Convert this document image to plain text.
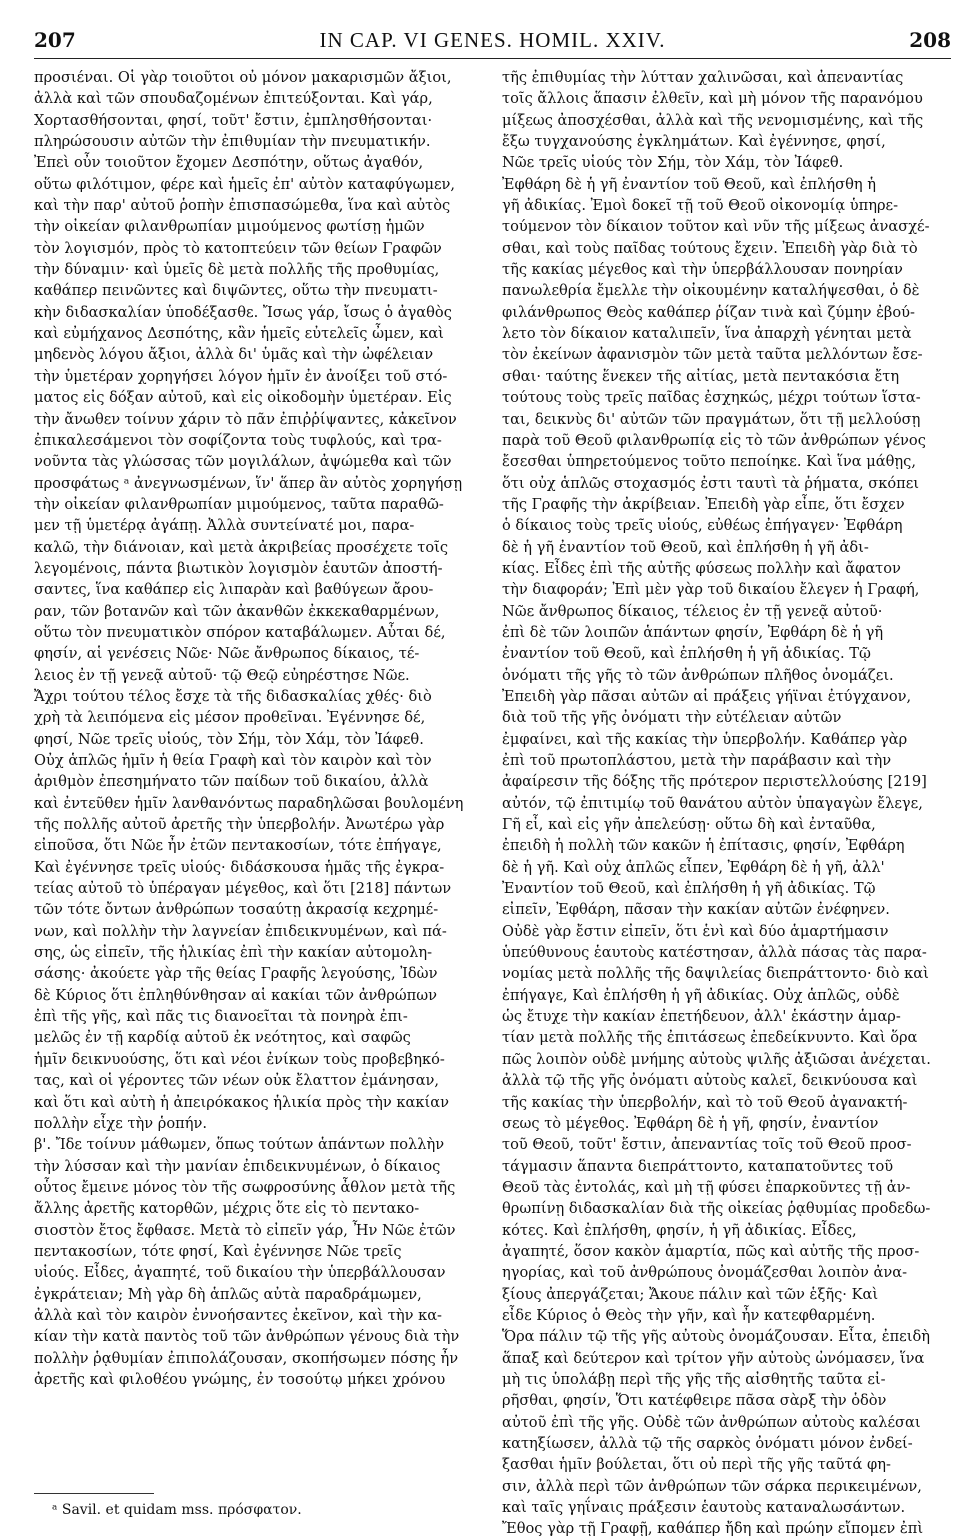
207	IN CAP. VI GENES. HOMIL. XXIV.	208
προσιέναι. Οἱ γὰρ τοιοῦτοι οὐ μόνον μακαρισμῶν ἄξιοι,
ἀλλὰ καὶ τῶν σπουδαζομένων ἐπιτεύξονται. Καὶ γάρ,
Χορτασθήσονται, φησί, τοῦτ' ἔστιν, ἐμπλησθήσονται·
πληρώσουσιν αὐτῶν τὴν ἐπιθυμίαν τὴν πνευματικήν.
Ἐπεὶ οὖν τοιοῦτον ἔχομεν Δεσπότην, οὕτως ἀγαθόν,
οὕτω φιλότιμον, φέρε καὶ ἡμεῖς ἐπ' αὐτὸν καταφύγωμεν,
καὶ τὴν παρ' αὐτοῦ ῥοπὴν ἐπισπασώμεθα, ἵνα καὶ αὐτὸς
τὴν οἰκείαν φιλανθρωπίαν μιμούμενος φωτίσῃ ἡμῶν
τὸν λογισμόν, πρὸς τὸ κατοπτεύειν τῶν θείων Γραφῶν
τὴν δύναμιν· καὶ ὑμεῖς δὲ μετὰ πολλῆς τῆς προθυμίας,
καθάπερ πεινῶντες καὶ διψῶντες, οὕτω τὴν πνευματι-
κὴν διδασκαλίαν ὑποδέξασθε. Ἴσως γάρ, ἴσως ὁ ἀγαθὸς
καὶ εὐμήχανος Δεσπότης, κἂν ἡμεῖς εὐτελεῖς ὦμεν, καὶ
μηδενὸς λόγου ἄξιοι, ἀλλὰ δι' ὑμᾶς καὶ τὴν ὠφέλειαν
τὴν ὑμετέραν χορηγήσει λόγον ἡμῖν ἐν ἀνοίξει τοῦ στό-
ματος εἰς δόξαν αὐτοῦ, καὶ εἰς οἰκοδομὴν ὑμετέραν. Εἰς
τὴν ἄνωθεν τοίνυν χάριν τὸ πᾶν ἐπιῤῥίψαντες, κἀκεῖνον
ἐπικαλεσάμενοι τὸν σοφίζοντα τοὺς τυφλούς, καὶ τρα-
νοῦντα τὰς γλώσσας τῶν μογιλάλων, ἀψώμεθα καὶ τῶν
προσφάτως ᵃ ἀνεγνωσμένων, ἵν' ἅπερ ἂν αὐτὸς χορηγήσῃ
τὴν οἰκείαν φιλανθρωπίαν μιμούμενος, ταῦτα παραθῶ-
μεν τῇ ὑμετέρᾳ ἀγάπῃ. Ἀλλὰ συντείνατέ μοι, παρα-
καλῶ, τὴν διάνοιαν, καὶ μετὰ ἀκριβείας προσέχετε τοῖς
λεγομένοις, πάντα βιωτικὸν λογισμὸν ἑαυτῶν ἀποστή-
σαντες, ἵνα καθάπερ εἰς λιπαρὰν καὶ βαθύγεων ἄρου-
ραν, τῶν βοτανῶν καὶ τῶν ἀκανθῶν ἐκκεκαθαρμένων,
οὕτω τὸν πνευματικὸν σπόρον καταβάλωμεν. Αὗται δέ,
φησίν, αἱ γενέσεις Νῶε· Νῶε ἄνθρωπος δίκαιος, τέ-
λειος ἐν τῇ γενεᾷ αὐτοῦ· τῷ Θεῷ εὐηρέστησε Νῶε.
Ἄχρι τούτου τέλος ἔσχε τὰ τῆς διδασκαλίας χθές· διὸ
χρὴ τὰ λειπόμενα εἰς μέσον προθεῖναι. Ἐγέννησε δέ,
φησί, Νῶε τρεῖς υἱούς, τὸν Σήμ, τὸν Χάμ, τὸν Ἰάφεθ.
Οὐχ ἁπλῶς ἡμῖν ἡ θεία Γραφὴ καὶ τὸν καιρὸν καὶ τὸν
ἀριθμὸν ἐπεσημήνατο τῶν παίδων τοῦ δικαίου, ἀλλὰ
καὶ ἐντεῦθεν ἡμῖν λανθανόντως παραδηλῶσαι βουλομένη
τῆς πολλῆς αὐτοῦ ἀρετῆς τὴν ὑπερβολήν. Ἀνωτέρω γὰρ
εἰποῦσα, ὅτι Νῶε ἦν ἐτῶν πεντακοσίων, τότε ἐπήγαγε,
Καὶ ἐγέννησε τρεῖς υἱούς· διδάσκουσα ἡμᾶς τῆς ἐγκρα-
τείας αὐτοῦ τὸ ὑπέραγαν μέγεθος, καὶ ὅτι [218] πάντων
τῶν τότε ὄντων ἀνθρώπων τοσαύτῃ ἀκρασίᾳ κεχρημέ-
νων, καὶ πολλὴν τὴν λαγνείαν ἐπιδεικνυμένων, καὶ πά-
σης, ὡς εἰπεῖν, τῆς ἡλικίας ἐπὶ τὴν κακίαν αὐτομολη-
σάσης· ἀκούετε γὰρ τῆς θείας Γραφῆς λεγούσης, Ἰδὼν
δὲ Κύριος ὅτι ἐπληθύνθησαν αἱ κακίαι τῶν ἀνθρώπων
ἐπὶ τῆς γῆς, καὶ πᾶς τις διανοεῖται τὰ πονηρὰ ἐπι-
μελῶς ἐν τῇ καρδίᾳ αὐτοῦ ἐκ νεότητος, καὶ σαφῶς
ἡμῖν δεικνυούσης, ὅτι καὶ νέοι ἐνίκων τοὺς προβεβηκό-
τας, καὶ οἱ γέροντες τῶν νέων οὐκ ἔλαττον ἐμάνησαν,
καὶ ὅτι καὶ αὐτὴ ἡ ἀπειρόκακος ἡλικία πρὸς τὴν κακίαν
πολλὴν εἶχε τὴν ῥοπήν.
β'. Ἴδε τοίνυν μάθωμεν, ὅπως τούτων ἁπάντων πολλὴν
τὴν λύσσαν καὶ τὴν μανίαν ἐπιδεικνυμένων, ὁ δίκαιος
οὗτος ἔμεινε μόνος τὸν τῆς σωφροσύνης ἆθλον μετὰ τῆς
ἄλλης ἀρετῆς κατορθῶν, μέχρις ὅτε εἰς τὸ πεντακο-
σιοστὸν ἔτος ἔφθασε. Μετὰ τὸ εἰπεῖν γάρ, Ἦν Νῶε ἐτῶν
πεντακοσίων, τότε φησί, Καὶ ἐγέννησε Νῶε τρεῖς
υἱούς. Εἶδες, ἀγαπητέ, τοῦ δικαίου τὴν ὑπερβάλλουσαν
ἐγκράτειαν; Μὴ γὰρ δὴ ἁπλῶς αὐτὰ παραδράμωμεν,
ἀλλὰ καὶ τὸν καιρὸν ἐννοήσαντες ἐκεῖνον, καὶ τὴν κα-
κίαν τὴν κατὰ παντὸς τοῦ τῶν ἀνθρώπων γένους διὰ τὴν
πολλὴν ῥᾳθυμίαν ἐπιπολάζουσαν, σκοπήσωμεν πόσης ἦν
ἀρετῆς καὶ φιλοθέου γνώμης, ἐν τοσούτῳ μήκει χρόνου
τῆς ἐπιθυμίας τὴν λύτταν χαλινῶσαι, καὶ ἀπεναντίας
τοῖς ἄλλοις ἅπασιν ἐλθεῖν, καὶ μὴ μόνον τῆς παρανόμου
μίξεως ἀποσχέσθαι, ἀλλὰ καὶ τῆς νενομισμένης, καὶ τῆς
ἔξω τυγχανούσης ἐγκλημάτων. Καὶ ἐγέννησε, φησί,
Νῶε τρεῖς υἱούς τὸν Σήμ, τὸν Χάμ, τὸν Ἰάφεθ.
Ἐφθάρη δὲ ἡ γῆ ἐναντίον τοῦ Θεοῦ, καὶ ἐπλήσθη ἡ
γῆ ἀδικίας. Ἐμοὶ δοκεῖ τῇ τοῦ Θεοῦ οἰκονομίᾳ ὑπηρε-
τούμενον τὸν δίκαιον τοῦτον καὶ νῦν τῆς μίξεως ἀνασχέ-
σθαι, καὶ τοὺς παῖδας τούτους ἔχειν. Ἐπειδὴ γὰρ διὰ τὸ
τῆς κακίας μέγεθος καὶ τὴν ὑπερβάλλουσαν πονηρίαν
πανωλεθρία ἔμελλε τὴν οἰκουμένην καταλήψεσθαι, ὁ δὲ
φιλάνθρωπος Θεὸς καθάπερ ῥίζαν τινὰ καὶ ζύμην ἐβού-
λετο τὸν δίκαιον καταλιπεῖν, ἵνα ἀπαρχὴ γένηται μετὰ
τὸν ἐκείνων ἀφανισμὸν τῶν μετὰ ταῦτα μελλόντων ἔσε-
σθαι· ταύτης ἕνεκεν τῆς αἰτίας, μετὰ πεντακόσια ἔτη
τούτους τοὺς τρεῖς παῖδας ἐσχηκώς, μέχρι τούτων ἵστα-
ται, δεικνὺς δι' αὐτῶν τῶν πραγμάτων, ὅτι τῇ μελλούσῃ
παρὰ τοῦ Θεοῦ φιλανθρωπίᾳ εἰς τὸ τῶν ἀνθρώπων γένος
ἔσεσθαι ὑπηρετούμενος τοῦτο πεποίηκε. Καὶ ἵνα μάθῃς,
ὅτι οὐχ ἁπλῶς στοχασμός ἐστι ταυτὶ τὰ ῥήματα, σκόπει
τῆς Γραφῆς τὴν ἀκρίβειαν. Ἐπειδὴ γὰρ εἶπε, ὅτι ἔσχεν
ὁ δίκαιος τοὺς τρεῖς υἱούς, εὐθέως ἐπήγαγεν· Ἐφθάρη
δὲ ἡ γῆ ἐναντίον τοῦ Θεοῦ, καὶ ἐπλήσθη ἡ γῆ ἀδι-
κίας. Εἶδες ἐπὶ τῆς αὐτῆς φύσεως πολλὴν καὶ ἄφατον
τὴν διαφοράν; Ἐπὶ μὲν γὰρ τοῦ δικαίου ἔλεγεν ἡ Γραφή,
Νῶε ἄνθρωπος δίκαιος, τέλειος ἐν τῇ γενεᾷ αὐτοῦ·
ἐπὶ δὲ τῶν λοιπῶν ἁπάντων φησίν, Ἐφθάρη δὲ ἡ γῆ
ἐναντίον τοῦ Θεοῦ, καὶ ἐπλήσθη ἡ γῆ ἀδικίας. Τῷ
ὀνόματι τῆς γῆς τὸ τῶν ἀνθρώπων πλῆθος ὀνομάζει.
Ἐπειδὴ γὰρ πᾶσαι αὐτῶν αἱ πράξεις γήϊναι ἐτύγχανον,
διὰ τοῦ τῆς γῆς ὀνόματι τὴν εὐτέλειαν αὐτῶν
ἐμφαίνει, καὶ τῆς κακίας τὴν ὑπερβολήν. Καθάπερ γὰρ
ἐπὶ τοῦ πρωτοπλάστου, μετὰ τὴν παράβασιν καὶ τὴν
ἀφαίρεσιν τῆς δόξης τῆς πρότερον περιστελλούσης [219]
αὐτόν, τῷ ἐπιτιμίῳ τοῦ θανάτου αὐτὸν ὑπαγαγὼν ἔλεγε,
Γῆ εἶ, καὶ εἰς γῆν ἀπελεύσῃ· οὕτω δὴ καὶ ἐνταῦθα,
ἐπειδὴ ἡ πολλὴ τῶν κακῶν ἡ ἐπίτασις, φησίν, Ἐφθάρη
δὲ ἡ γῆ. Καὶ οὐχ ἁπλῶς εἶπεν, Ἐφθάρη δὲ ἡ γῆ, ἀλλ'
Ἐναντίον τοῦ Θεοῦ, καὶ ἐπλήσθη ἡ γῆ ἀδικίας. Τῷ
εἰπεῖν, Ἐφθάρη, πᾶσαν τὴν κακίαν αὐτῶν ἐνέφηνεν.
Οὐδὲ γὰρ ἔστιν εἰπεῖν, ὅτι ἑνὶ καὶ δύο ἁμαρτήμασιν
ὑπεύθυνους ἑαυτοὺς κατέστησαν, ἀλλὰ πάσας τὰς παρα-
νομίας μετὰ πολλῆς τῆς δαψιλείας διεπράττοντο· διὸ καὶ
ἐπήγαγε, Καὶ ἐπλήσθη ἡ γῆ ἀδικίας. Οὐχ ἁπλῶς, οὐδὲ
ὡς ἔτυχε τὴν κακίαν ἐπετήδευον, ἀλλ' ἑκάστην ἁμαρ-
τίαν μετὰ πολλῆς τῆς ἐπιτάσεως ἐπεδείκνυντο. Καὶ ὅρα
πῶς λοιπὸν οὐδὲ μνήμης αὐτοὺς ψιλῆς ἀξιῶσαι ἀνέχεται.
ἀλλὰ τῷ τῆς γῆς ὀνόματι αὐτοὺς καλεῖ, δεικνύουσα καὶ
τῆς κακίας τὴν ὑπερβολήν, καὶ τὸ τοῦ Θεοῦ ἀγανακτή-
σεως τὸ μέγεθος. Ἐφθάρη δὲ ἡ γῆ, φησίν, ἐναντίον
τοῦ Θεοῦ, τοῦτ' ἔστιν, ἀπεναντίας τοῖς τοῦ Θεοῦ προσ-
τάγμασιν ἅπαντα διεπράττοντο, καταπατοῦντες τοῦ
Θεοῦ τὰς ἐντολάς, καὶ μὴ τῇ φύσει ἐπαρκοῦντες τῇ ἀν-
θρωπίνῃ διδασκαλίαν διὰ τῆς οἰκείας ῥᾳθυμίας προδεδω-
κότες. Καὶ ἐπλήσθη, φησίν, ἡ γῆ ἀδικίας. Εἶδες,
ἀγαπητέ, ὅσον κακὸν ἁμαρτία, πῶς καὶ αὐτῆς τῆς προσ-
ηγορίας, καὶ τοῦ ἀνθρώπους ὀνομάζεσθαι λοιπὸν ἀνα-
ξίους ἀπεργάζεται; Ἄκουε πάλιν καὶ τῶν ἑξῆς· Καὶ
εἶδε Κύριος ὁ Θεὸς τὴν γῆν, καὶ ἦν κατεφθαρμένη.
Ὅρα πάλιν τῷ τῆς γῆς αὐτοὺς ὀνομάζουσαν. Εἶτα, ἐπειδὴ
ἅπαξ καὶ δεύτερον καὶ τρίτον γῆν αὐτοὺς ὠνόμασεν, ἵνα
μὴ τις ὑπολάβῃ περὶ τῆς γῆς τῆς αἰσθητῆς ταῦτα εἰ-
ρῆσθαι, φησίν, Ὅτι κατέφθειρε πᾶσα σὰρξ τὴν ὁδὸν
αὐτοῦ ἐπὶ τῆς γῆς. Οὐδὲ τῶν ἀνθρώπων αὐτοὺς καλέσαι
κατηξίωσεν, ἀλλὰ τῷ τῆς σαρκὸς ὀνόματι μόνον ἐνδεί-
ξασθαι ἡμῖν βούλεται, ὅτι οὐ περὶ τῆς γῆς ταῦτά φη-
σιν, ἀλλὰ περὶ τῶν ἀνθρώπων τῶν σάρκα περικειμένων,
καὶ ταῖς γηΐναις πράξεσιν ἑαυτοὺς καταναλωσάντων.
Ἔθος γὰρ τῇ Γραφῇ, καθάπερ ἤδη καὶ πρώην εἴπομεν ἐπὶ
ᵃ Savil. et quidam mss. πρόσφατον.
